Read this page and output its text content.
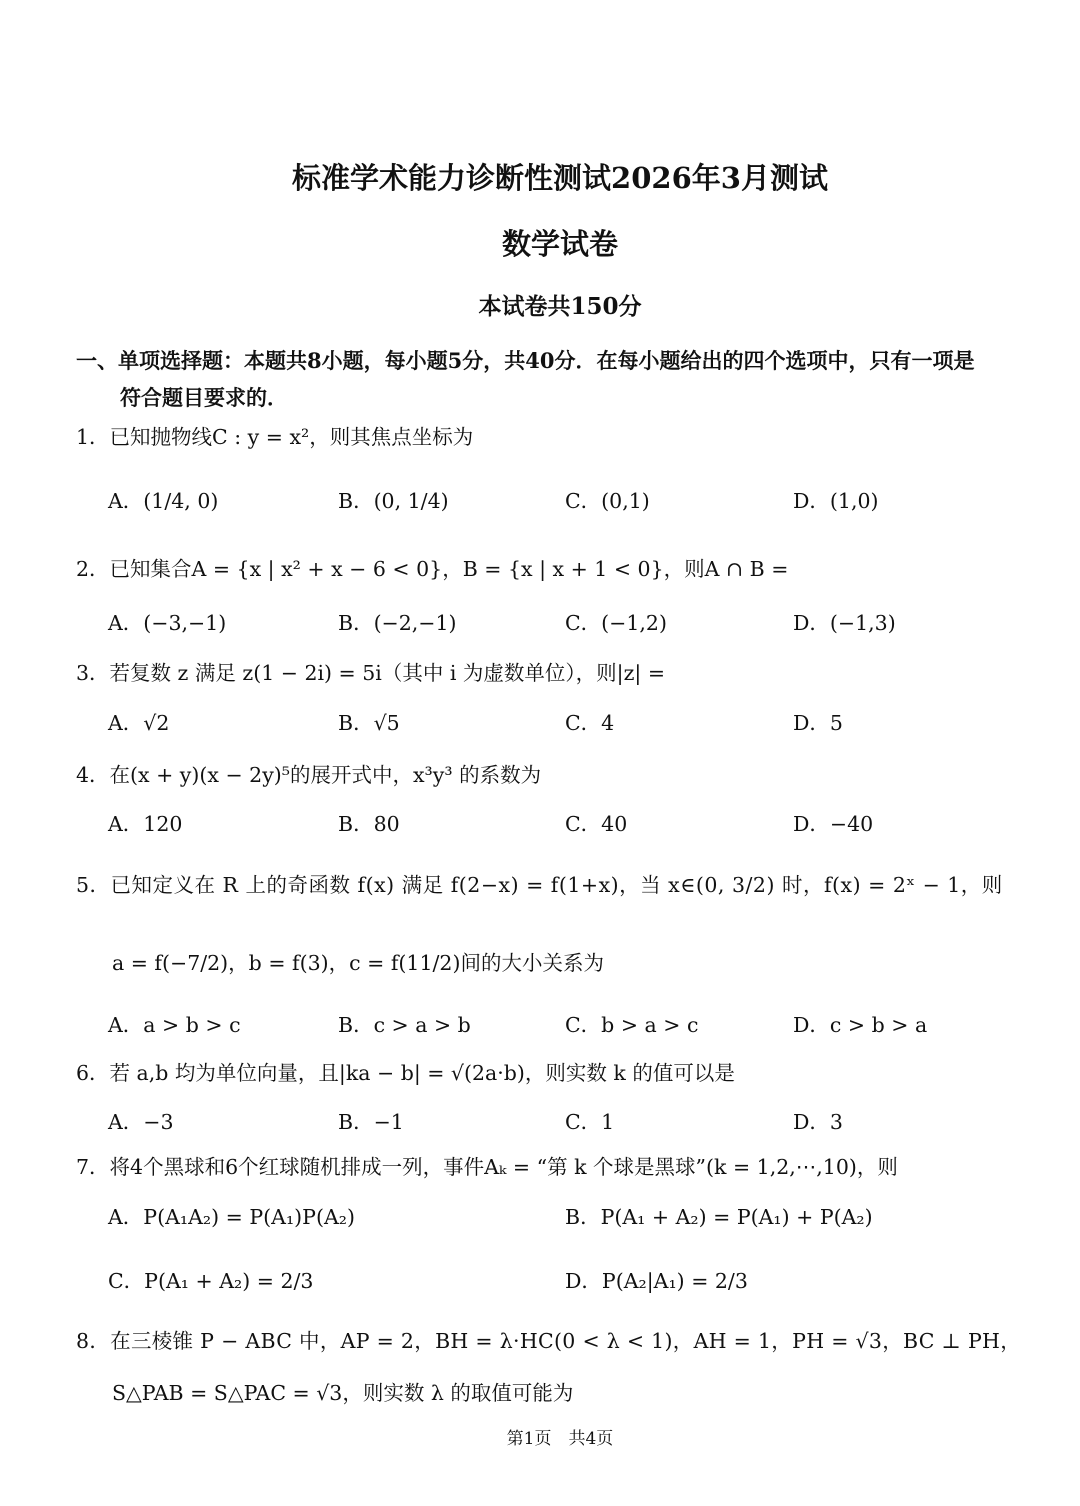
标准学术能力诊断性测试2026年3月测试
数学试卷
本试卷共150分
一、单项选择题：本题共8小题，每小题5分，共40分．在每小题给出的四个选项中，只有一项是
符合题目要求的．
1．已知抛物线C : y = x²，则其焦点坐标为
A．(1/4, 0)	B．(0, 1/4)	C．(0,1)	D．(1,0)
2．已知集合A = {x | x² + x − 6 < 0}，B = {x | x + 1 < 0}，则A ∩ B =
A．(−3,−1)	B．(−2,−1)	C．(−1,2)	D．(−1,3)
3．若复数 z 满足 z(1 − 2i) = 5i（其中 i 为虚数单位），则|z| =
A．√2	B．√5	C．4	D．5
4．在(x + y)(x − 2y)⁵的展开式中，x³y³ 的系数为
A．120	B．80	C．40	D．−40
5．已知定义在 R 上的奇函数 f(x) 满足 f(2−x) = f(1+x)，当 x∈(0, 3/2) 时，f(x) = 2ˣ − 1，则
a = f(−7/2)，b = f(3)，c = f(11/2)间的大小关系为
A．a > b > c	B．c > a > b	C．b > a > c	D．c > b > a
6．若 a,b 均为单位向量，且|ka − b| = √(2a·b)，则实数 k 的值可以是
A．−3	B．−1	C．1	D．3
7．将4个黑球和6个红球随机排成一列，事件Aₖ = “第 k 个球是黑球”(k = 1,2,⋯,10)，则
A．P(A₁A₂) = P(A₁)P(A₂)	B．P(A₁ + A₂) = P(A₁) + P(A₂)
C．P(A₁ + A₂) = 2/3	D．P(A₂|A₁) = 2/3
8．在三棱锥 P − ABC 中，AP = 2，BH = λ·HC(0 < λ < 1)，AH = 1，PH = √3，BC ⊥ PH，
S△PAB = S△PAC = √3，则实数 λ 的取值可能为
第1页　共4页
